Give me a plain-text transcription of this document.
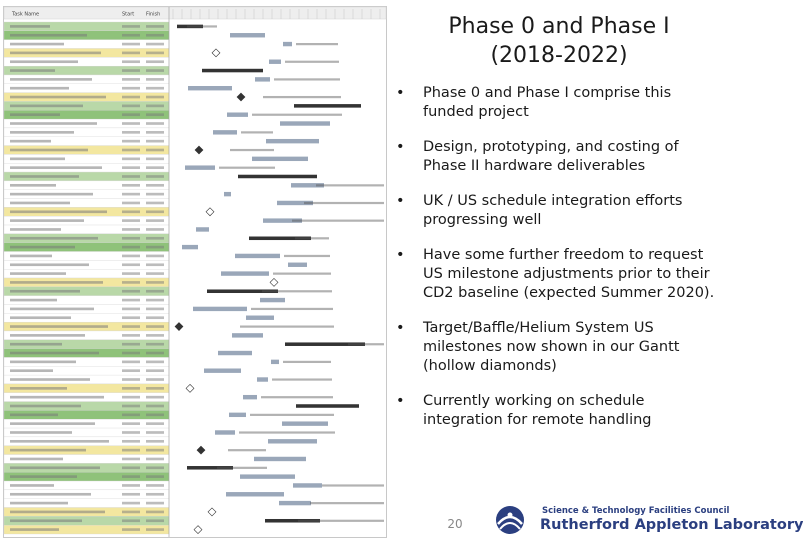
Task Name	Start Finish	Phase 0 and Phase I
(2018-2022)
• Phase 0 and Phase I comprise this funded project
• Design, prototyping, and costing of Phase II hardware deliverables
• UK / US schedule integration efforts progressing well
• Have some further freedom to request US milestone adjustments prior to their CD2 baseline (expected Summer 2020).
• Target/Baffle/Helium System US milestones now shown in our Gantt (hollow diamonds)
• Currently working on schedule integration for remote handling
20
Science & Technology Facilities Council
Rutherford Appleton Laboratory
